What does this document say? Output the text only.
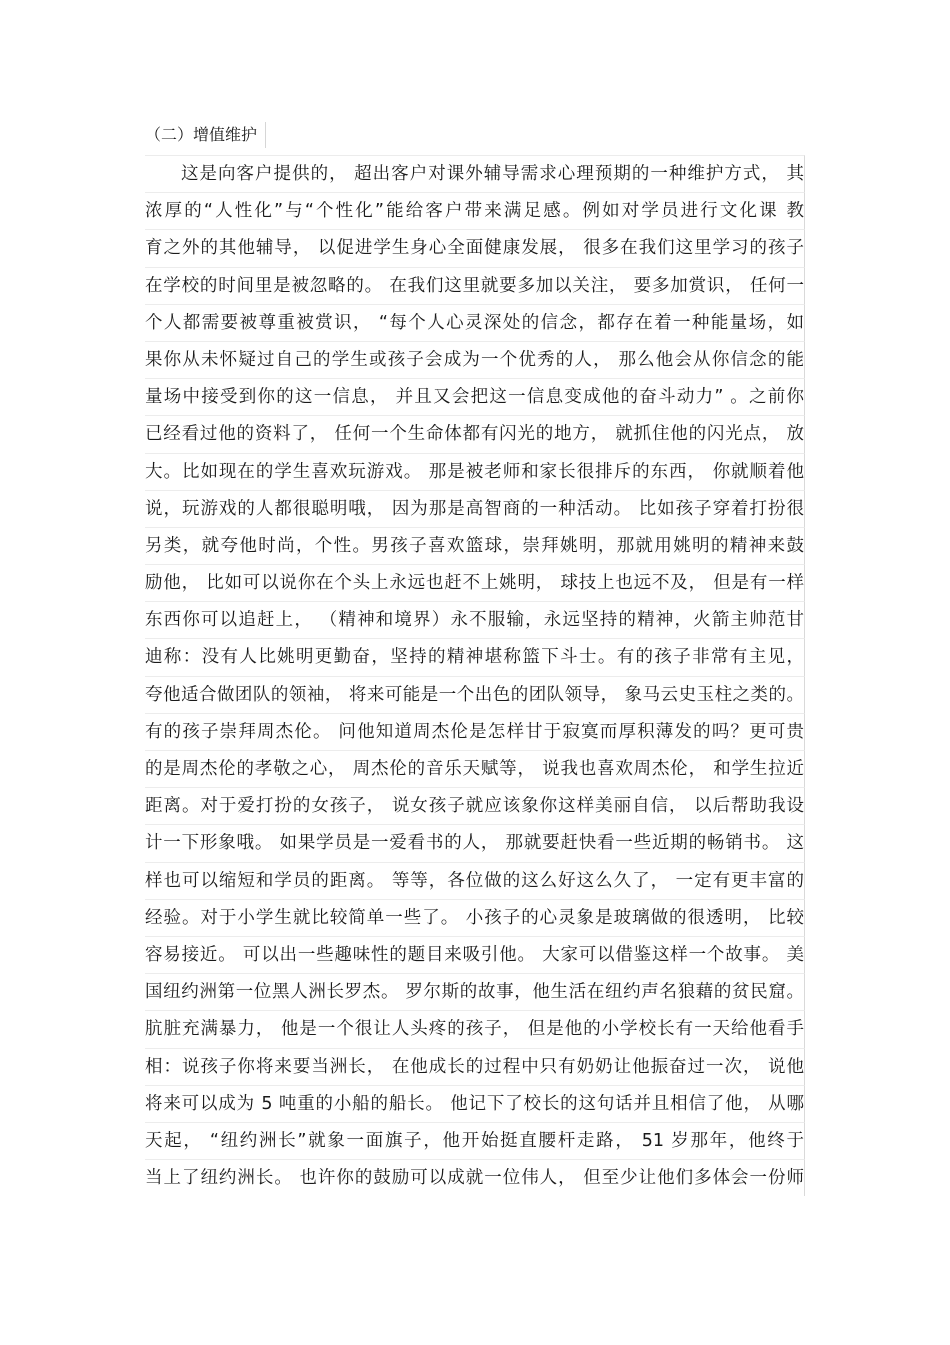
（二）增值维护
这是向客户提供的， 超出客户对课外辅导需求心理预期的一种维护方式， 其
浓厚的“人性化”与“个性化”能给客户带来满足感。例如对学员进行文化课 教
育之外的其他辅导， 以促进学生身心全面健康发展， 很多在我们这里学习的孩子
在学校的时间里是被忽略的。 在我们这里就要多加以关注， 要多加赏识， 任何一
个人都需要被尊重被赏识， “每个人心灵深处的信念，都存在着一种能量场，如
果你从未怀疑过自己的学生或孩子会成为一个优秀的人， 那么他会从你信念的能
量场中接受到你的这一信息， 并且又会把这一信息变成他的奋斗动力” 。之前你
已经看过他的资料了， 任何一个生命体都有闪光的地方， 就抓住他的闪光点， 放
大。比如现在的学生喜欢玩游戏。 那是被老师和家长很排斥的东西， 你就顺着他
说，玩游戏的人都很聪明哦， 因为那是高智商的一种活动。 比如孩子穿着打扮很
另类，就夸他时尚，个性。男孩子喜欢篮球，崇拜姚明，那就用姚明的精神来鼓
励他， 比如可以说你在个头上永远也赶不上姚明， 球技上也远不及， 但是有一样
东西你可以追赶上， （精神和境界）永不服输，永远坚持的精神，火箭主帅范甘
迪称：没有人比姚明更勤奋，坚持的精神堪称篮下斗士。有的孩子非常有主见，
夸他适合做团队的领袖， 将来可能是一个出色的团队领导， 象马云史玉柱之类的。
有的孩子崇拜周杰伦。 问他知道周杰伦是怎样甘于寂寞而厚积薄发的吗？更可贵
的是周杰伦的孝敬之心， 周杰伦的音乐天赋等， 说我也喜欢周杰伦， 和学生拉近
距离。对于爱打扮的女孩子， 说女孩子就应该象你这样美丽自信， 以后帮助我设
计一下形象哦。 如果学员是一爱看书的人， 那就要赶快看一些近期的畅销书。 这
样也可以缩短和学员的距离。 等等，各位做的这么好这么久了， 一定有更丰富的
经验。对于小学生就比较简单一些了。 小孩子的心灵象是玻璃做的很透明， 比较
容易接近。 可以出一些趣味性的题目来吸引他。 大家可以借鉴这样一个故事。 美
国纽约洲第一位黑人洲长罗杰。 罗尔斯的故事，他生活在纽约声名狼藉的贫民窟。
肮脏充满暴力， 他是一个很让人头疼的孩子， 但是他的小学校长有一天给他看手
相：说孩子你将来要当洲长， 在他成长的过程中只有奶奶让他振奋过一次， 说他
将来可以成为 5 吨重的小船的船长。 他记下了校长的这句话并且相信了他， 从哪
天起， “纽约洲长”就象一面旗子，他开始挺直腰杆走路， 51 岁那年，他终于
当上了纽约洲长。 也许你的鼓励可以成就一位伟人， 但至少让他们多体会一份师
